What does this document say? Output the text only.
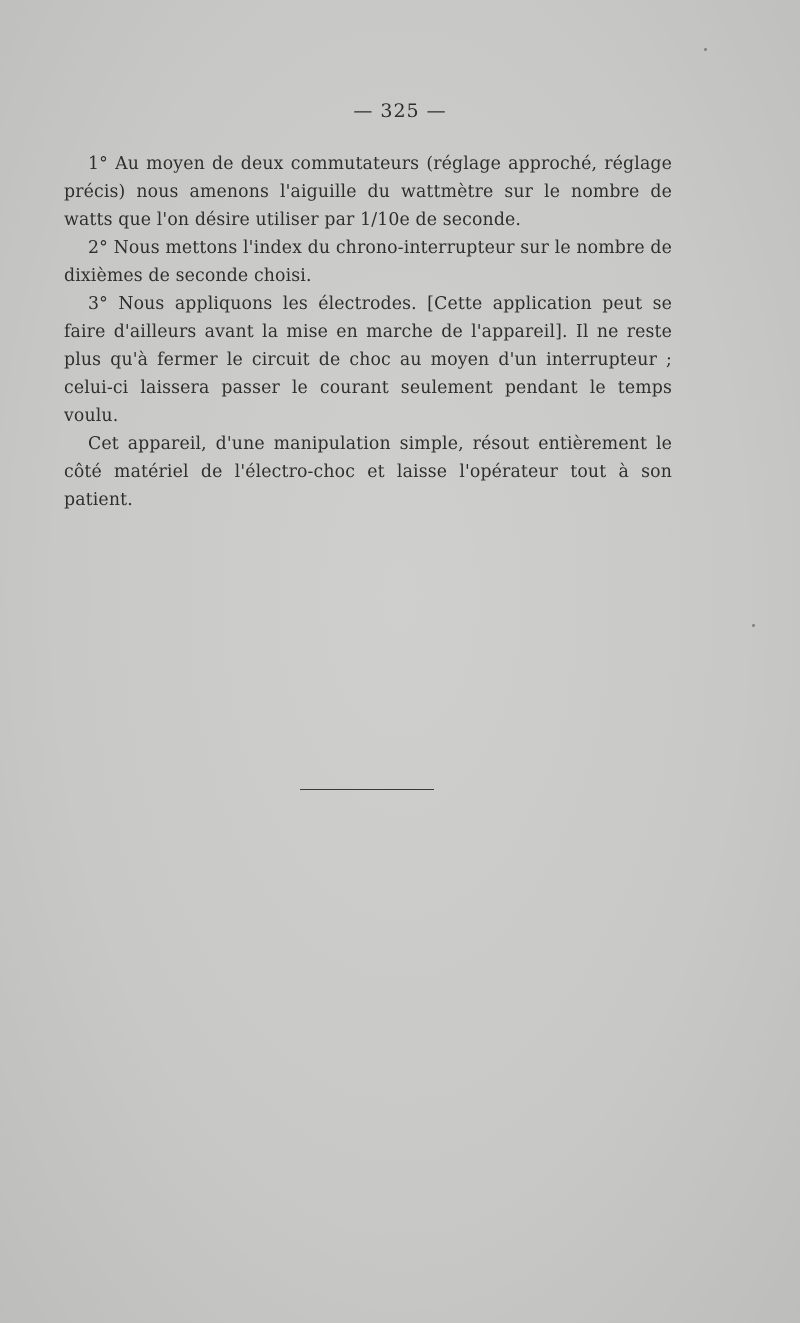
— 325 —

1° Au moyen de deux commutateurs (réglage approché, réglage précis) nous amenons l'aiguille du wattmètre sur le nombre de watts que l'on désire utiliser par 1/10e de seconde.

2° Nous mettons l'index du chrono-interrupteur sur le nombre de dixièmes de seconde choisi.

3° Nous appliquons les électrodes. [Cette application peut se faire d'ailleurs avant la mise en marche de l'appareil]. Il ne reste plus qu'à fermer le circuit de choc au moyen d'un interrupteur ; celui-ci laissera passer le courant seulement pendant le temps voulu.

Cet appareil, d'une manipulation simple, résout entièrement le côté matériel de l'électro-choc et laisse l'opérateur tout à son patient.
